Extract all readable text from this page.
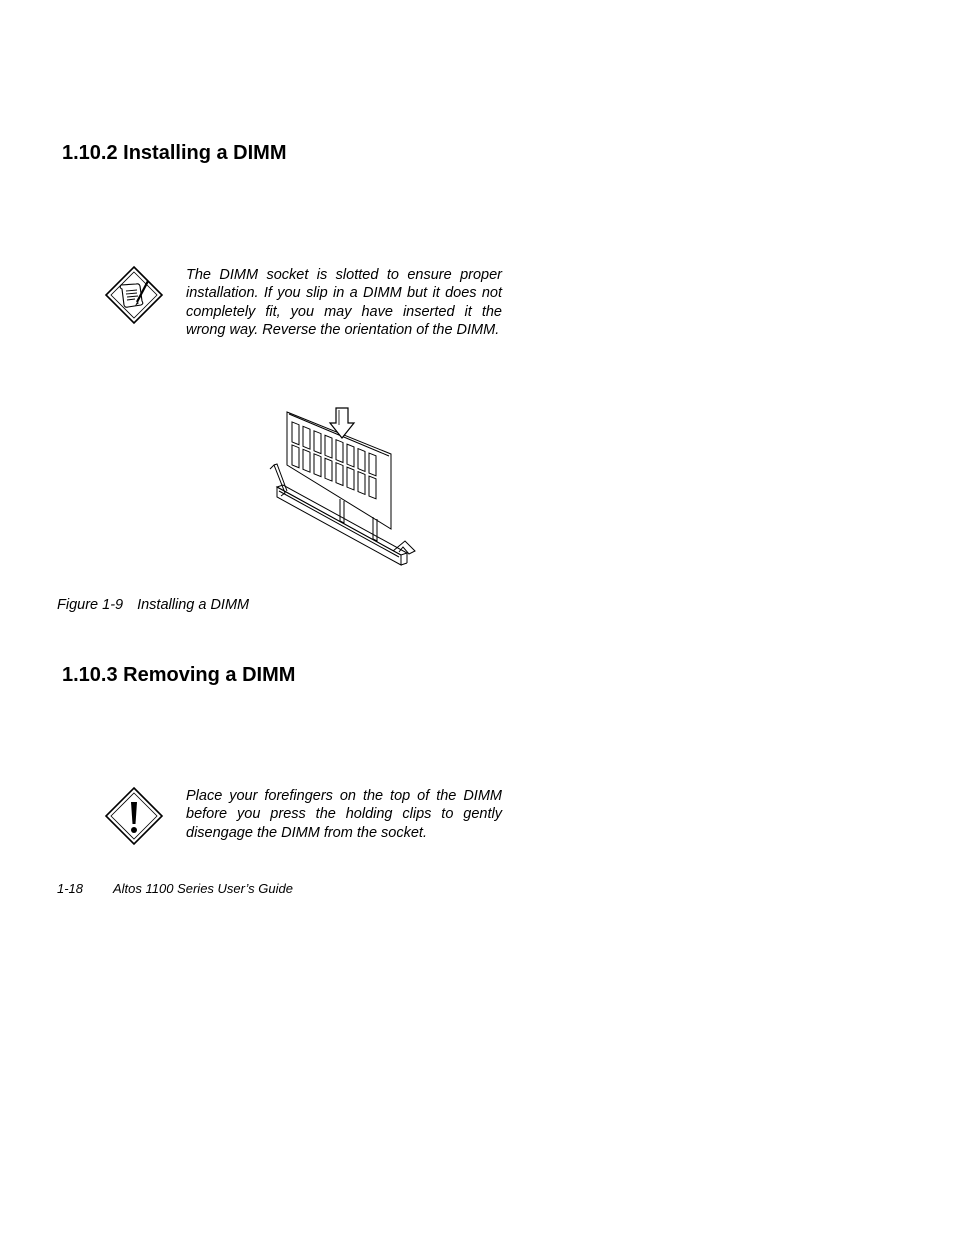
1.10.2 Installing a DIMM

The DIMM socket is slotted to ensure proper installation. If you slip in a DIMM but it does not completely fit, you may have inserted it the wrong way. Reverse the orientation of the DIMM.

Figure 1-9 Installing a DIMM
1.10.3 Removing a DIMM

Place your forefingers on the top of the DIMM before you press the holding clips to gently disengage the DIMM from the socket.

1-18 Altos 1100 Series User’s Guide
